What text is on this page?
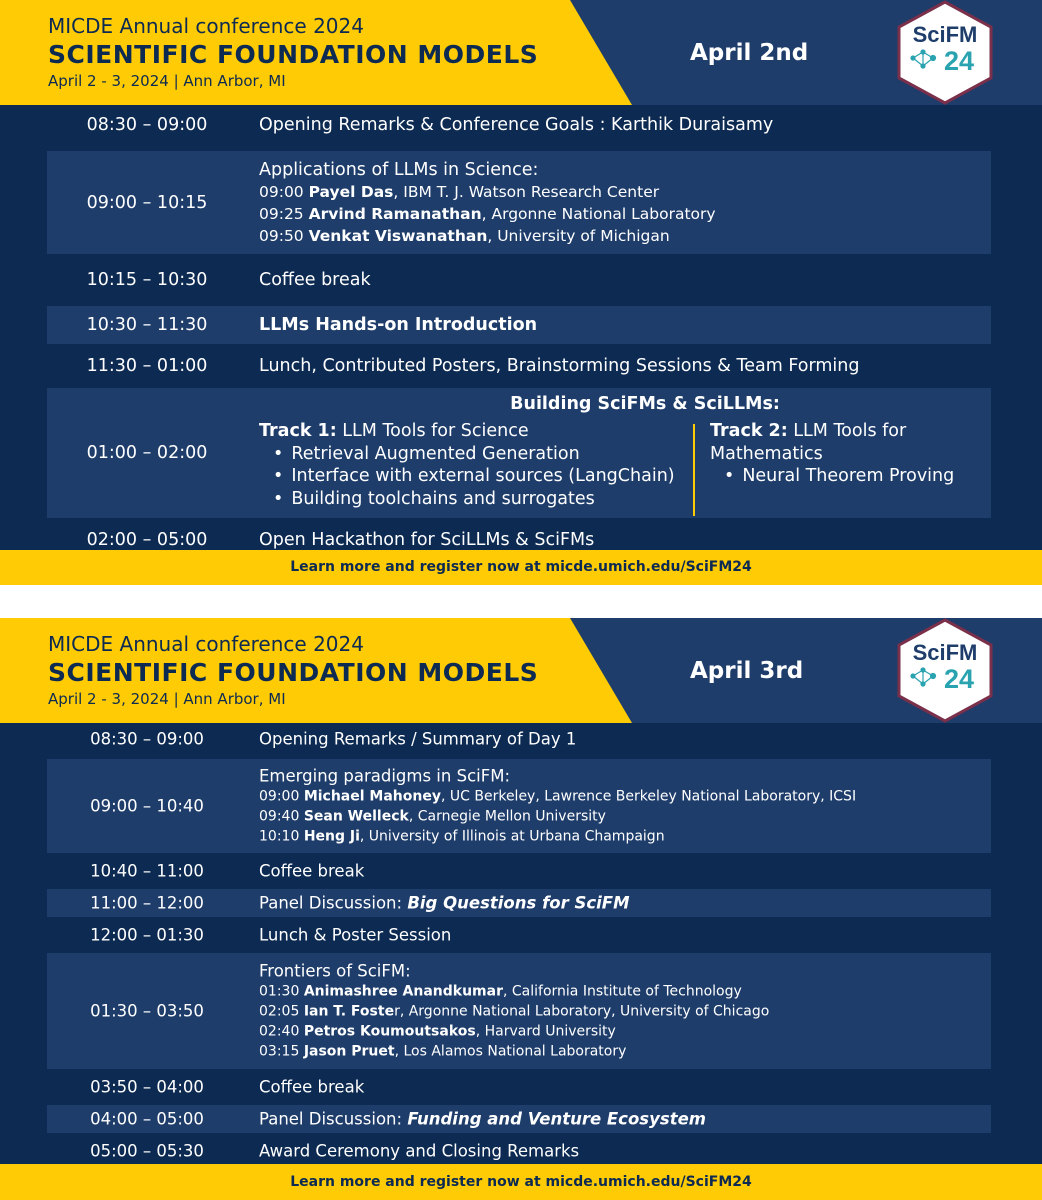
MICDE Annual conference 2024
SCIENTIFIC FOUNDATION MODELS
April 2 - 3, 2024 | Ann Arbor, MI
April 2nd
SciFM
24
08:30 – 09:00	Opening Remarks & Conference Goals : Karthik Duraisamy
09:00 – 10:15
Applications of LLMs in Science:
09:00 Payel Das, IBM T. J. Watson Research Center
09:25 Arvind Ramanathan, Argonne National Laboratory
09:50 Venkat Viswanathan, University of Michigan
10:15 – 10:30	Coffee break
10:30 – 11:30	LLMs Hands-on Introduction
11:30 – 01:00	Lunch, Contributed Posters, Brainstorming Sessions & Team Forming
01:00 – 02:00
Building SciFMs & SciLLMs:
Track 1: LLM Tools for Science
• Retrieval Augmented Generation
• Interface with external sources (LangChain)
• Building toolchains and surrogates
Track 2: LLM Tools for
Mathematics
• Neural Theorem Proving
02:00 – 05:00	Open Hackathon for SciLLMs & SciFMs
Learn more and register now at micde.umich.edu/SciFM24
MICDE Annual conference 2024
SCIENTIFIC FOUNDATION MODELS
April 2 - 3, 2024 | Ann Arbor, MI
April 3rd
SciFM
24
08:30 – 09:00	Opening Remarks / Summary of Day 1
09:00 – 10:40
Emerging paradigms in SciFM:
09:00 Michael Mahoney, UC Berkeley, Lawrence Berkeley National Laboratory, ICSI
09:40 Sean Welleck, Carnegie Mellon University
10:10 Heng Ji, University of Illinois at Urbana Champaign
10:40 – 11:00	Coffee break
11:00 – 12:00	Panel Discussion: Big Questions for SciFM
12:00 – 01:30	Lunch & Poster Session
01:30 – 03:50
Frontiers of SciFM:
01:30 Animashree Anandkumar, California Institute of Technology
02:05 Ian T. Foster, Argonne National Laboratory, University of Chicago
02:40 Petros Koumoutsakos, Harvard University
03:15 Jason Pruet, Los Alamos National Laboratory
03:50 – 04:00	Coffee break
04:00 – 05:00	Panel Discussion: Funding and Venture Ecosystem
05:00 – 05:30	Award Ceremony and Closing Remarks
Learn more and register now at micde.umich.edu/SciFM24
